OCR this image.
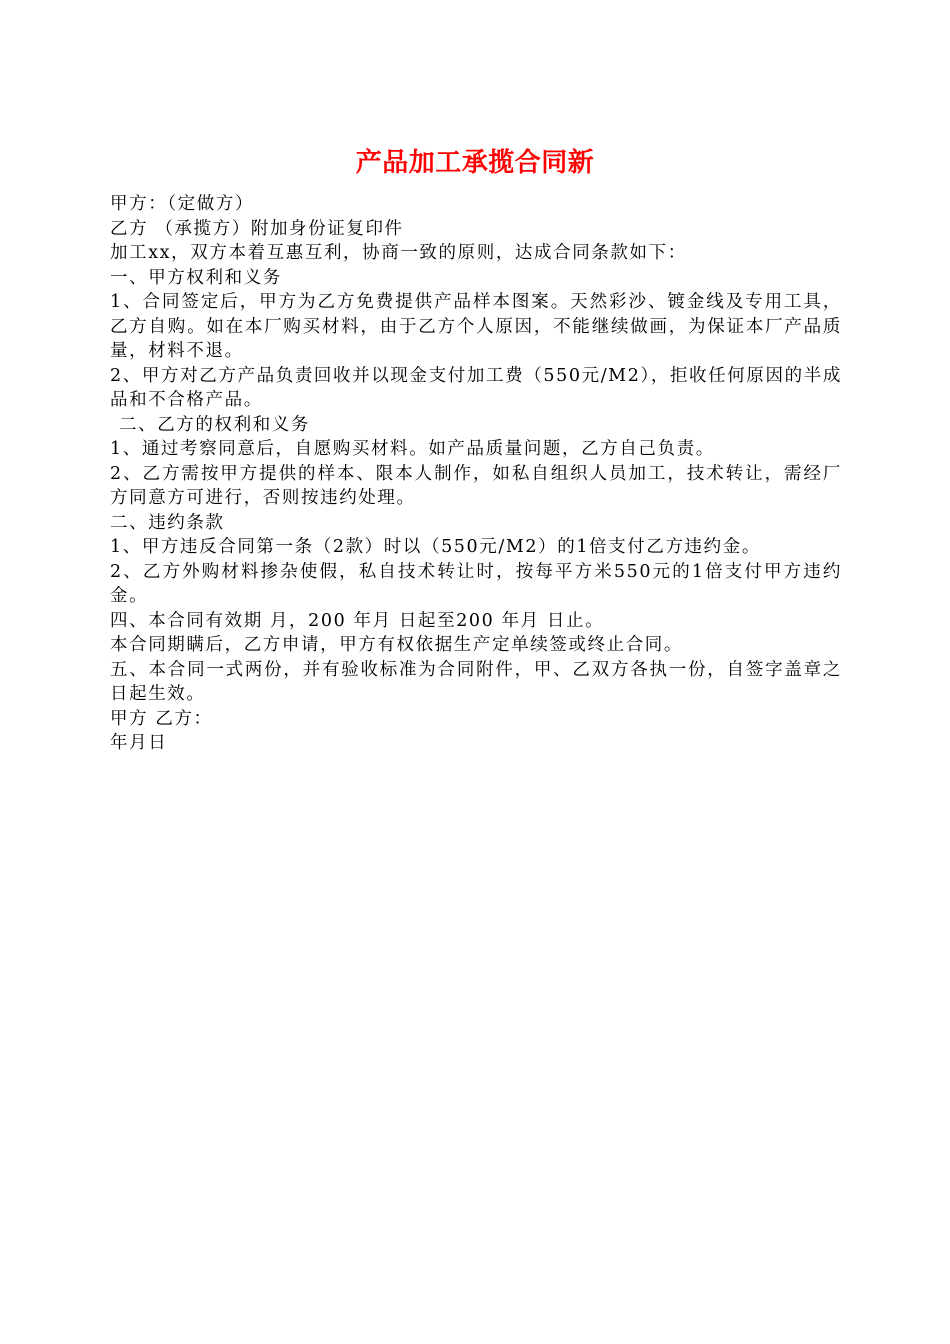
产品加工承揽合同新

甲方：（定做方）

乙方 （承揽方）附加身份证复印件

加工xx，双方本着互惠互利，协商一致的原则，达成合同条款如下：

一、甲方权利和义务

1、合同签定后，甲方为乙方免费提供产品样本图案。天然彩沙、镀金线及专用工具，乙方自购。如在本厂购买材料，由于乙方个人原因，不能继续做画，为保证本厂产品质量，材料不退。

2、甲方对乙方产品负责回收并以现金支付加工费（550元/M2），拒收任何原因的半成品和不合格产品。

二、乙方的权利和义务

1、通过考察同意后，自愿购买材料。如产品质量问题，乙方自己负责。

2、乙方需按甲方提供的样本、限本人制作，如私自组织人员加工，技术转让，需经厂方同意方可进行，否则按违约处理。

二、违约条款

1、甲方违反合同第一条（2款）时以（550元/M2）的1倍支付乙方违约金。

2、乙方外购材料掺杂使假，私自技术转让时，按每平方米550元的1倍支付甲方违约金。

四、本合同有效期 月，200 年月 日起至200 年月 日止。

本合同期瞒后，乙方申请，甲方有权依据生产定单续签或终止合同。

五、本合同一式两份，并有验收标准为合同附件，甲、乙双方各执一份，自签字盖章之日起生效。

甲方 乙方：

年月日
